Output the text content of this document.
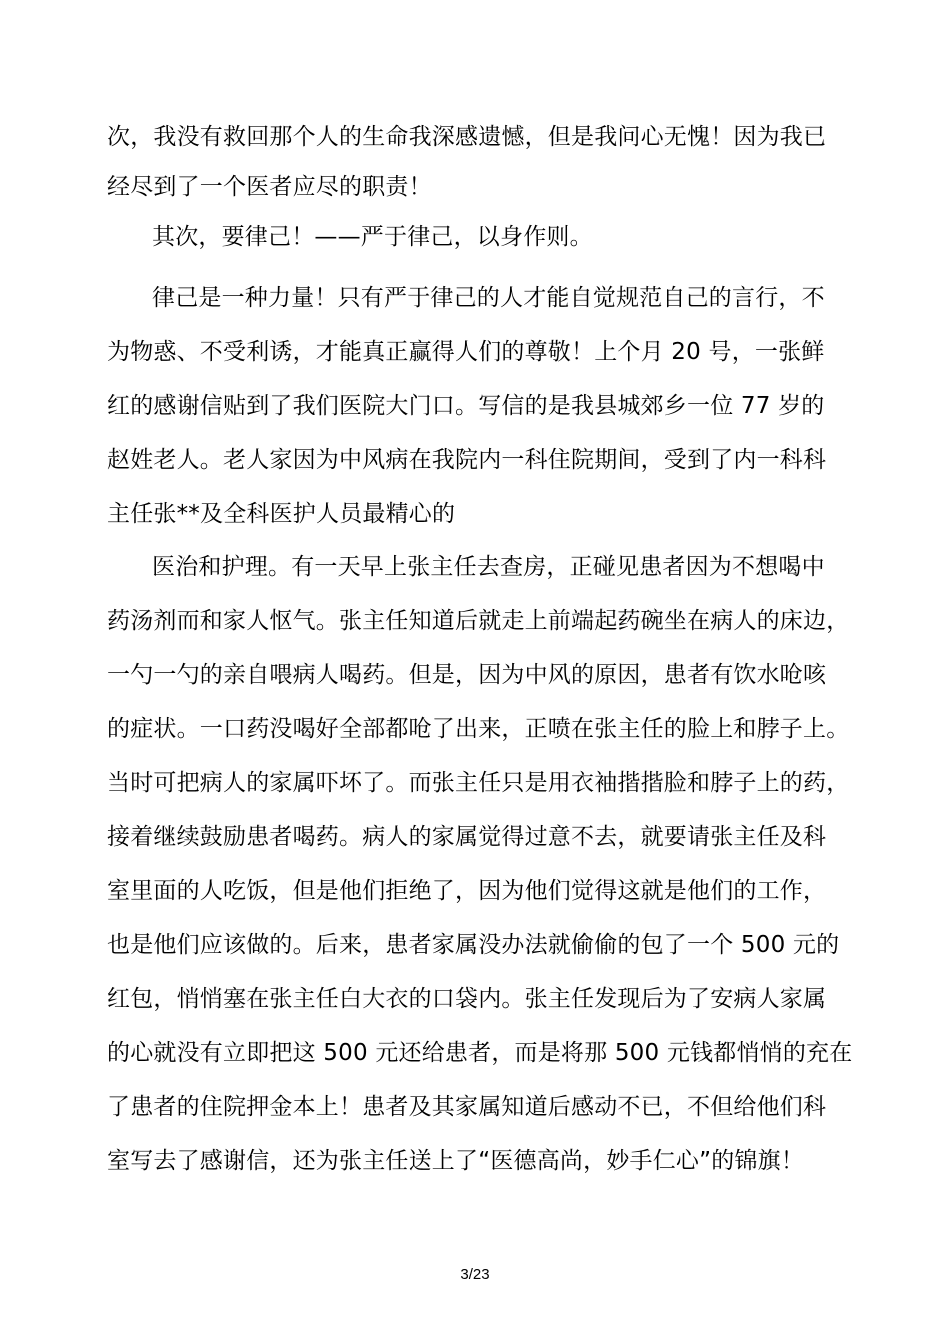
次，我没有救回那个人的生命我深感遗憾，但是我问心无愧！因为我已
经尽到了一个医者应尽的职责！
其次，要律己！——严于律己，以身作则。
律己是一种力量！只有严于律己的人才能自觉规范自己的言行，不
为物惑、不受利诱，才能真正赢得人们的尊敬！上个月 20 号，一张鲜
红的感谢信贴到了我们医院大门口。写信的是我县城郊乡一位 77 岁的
赵姓老人。老人家因为中风病在我院内一科住院期间，受到了内一科科
主任张**及全科医护人员最精心的
医治和护理。有一天早上张主任去查房，正碰见患者因为不想喝中
药汤剂而和家人怄气。张主任知道后就走上前端起药碗坐在病人的床边，
一勺一勺的亲自喂病人喝药。但是，因为中风的原因，患者有饮水呛咳
的症状。一口药没喝好全部都呛了出来，正喷在张主任的脸上和脖子上。
当时可把病人的家属吓坏了。而张主任只是用衣袖揩揩脸和脖子上的药，
接着继续鼓励患者喝药。病人的家属觉得过意不去，就要请张主任及科
室里面的人吃饭，但是他们拒绝了，因为他们觉得这就是他们的工作，
也是他们应该做的。后来，患者家属没办法就偷偷的包了一个 500 元的
红包，悄悄塞在张主任白大衣的口袋内。张主任发现后为了安病人家属
的心就没有立即把这 500 元还给患者，而是将那 500 元钱都悄悄的充在
了患者的住院押金本上！患者及其家属知道后感动不已，不但给他们科
室写去了感谢信，还为张主任送上了“医德高尚，妙手仁心”的锦旗！
3/23
